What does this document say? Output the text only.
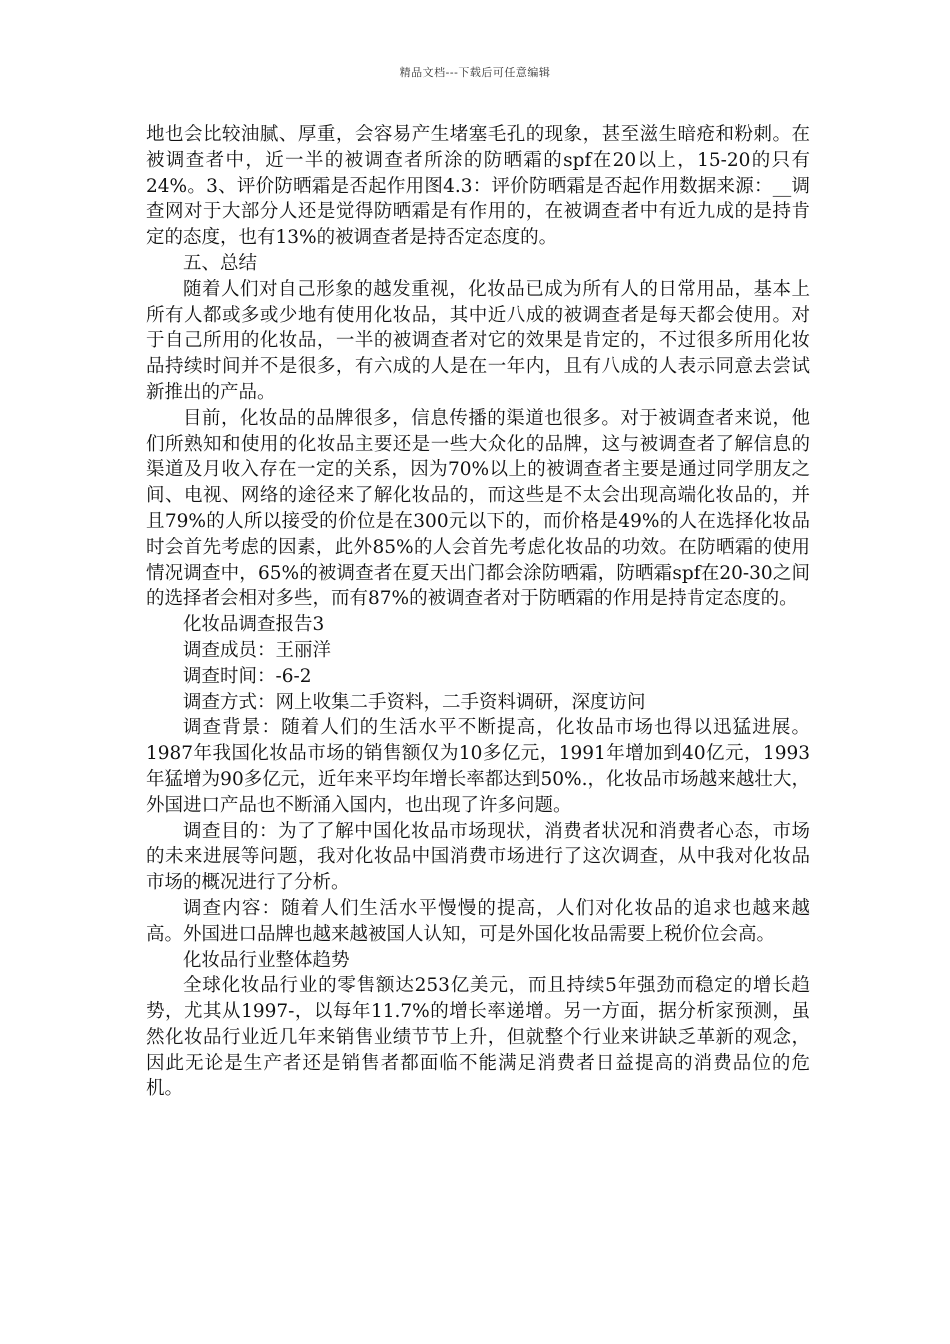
精品文档---下载后可任意编辑

地也会比较油腻、厚重，会容易产生堵塞毛孔的现象，甚至滋生暗疮和粉刺。在被调查者中，近一半的被调查者所涂的防晒霜的spf在20以上，15-20的只有24%。3、评价防晒霜是否起作用图4.3：评价防晒霜是否起作用数据来源：__调查网对于大部分人还是觉得防晒霜是有作用的，在被调查者中有近九成的是持肯定的态度，也有13%的被调查者是持否定态度的。

五、总结

随着人们对自己形象的越发重视，化妆品已成为所有人的日常用品，基本上所有人都或多或少地有使用化妆品，其中近八成的被调查者是每天都会使用。对于自己所用的化妆品，一半的被调查者对它的效果是肯定的，不过很多所用化妆品持续时间并不是很多，有六成的人是在一年内，且有八成的人表示同意去尝试新推出的产品。

目前，化妆品的品牌很多，信息传播的渠道也很多。对于被调查者来说，他们所熟知和使用的化妆品主要还是一些大众化的品牌，这与被调查者了解信息的渠道及月收入存在一定的关系，因为70%以上的被调查者主要是通过同学朋友之间、电视、网络的途径来了解化妆品的，而这些是不太会出现高端化妆品的，并且79%的人所以接受的价位是在300元以下的，而价格是49%的人在选择化妆品时会首先考虑的因素，此外85%的人会首先考虑化妆品的功效。在防晒霜的使用情况调查中，65%的被调查者在夏天出门都会涂防晒霜，防晒霜spf在20-30之间的选择者会相对多些，而有87%的被调查者对于防晒霜的作用是持肯定态度的。

化妆品调查报告3

调查成员：王丽洋

调查时间：-6-2

调查方式：网上收集二手资料，二手资料调研，深度访问

调查背景：随着人们的生活水平不断提高，化妆品市场也得以迅猛进展。1987年我国化妆品市场的销售额仅为10多亿元，1991年增加到40亿元，1993年猛增为90多亿元，近年来平均年增长率都达到50%.，化妆品市场越来越壮大，外国进口产品也不断涌入国内，也出现了许多问题。

调查目的：为了了解中国化妆品市场现状，消费者状况和消费者心态，市场的未来进展等问题，我对化妆品中国消费市场进行了这次调查，从中我对化妆品市场的概况进行了分析。

调查内容：随着人们生活水平慢慢的提高，人们对化妆品的追求也越来越高。外国进口品牌也越来越被国人认知，可是外国化妆品需要上税价位会高。

化妆品行业整体趋势

全球化妆品行业的零售额达253亿美元，而且持续5年强劲而稳定的增长趋势，尤其从1997-，以每年11.7%的增长率递增。另一方面，据分析家预测，虽然化妆品行业近几年来销售业绩节节上升，但就整个行业来讲缺乏革新的观念，因此无论是生产者还是销售者都面临不能满足消费者日益提高的消费品位的危机。
